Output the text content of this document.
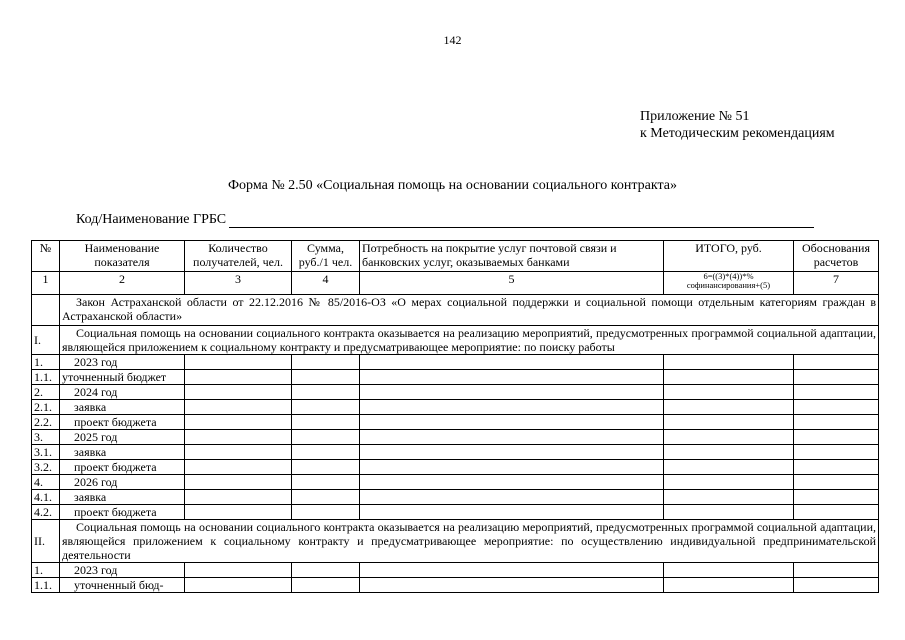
142
Приложение № 51
к Методическим рекомендациям
Форма № 2.50 «Социальная помощь на основании социального контракта»
Код/Наименование ГРБС
№	Наименование показателя	Количество получателей, чел.	Сумма, руб./1 чел.	Потребность на покрытие услуг почтовой связи и банковских услуг, оказываемых банками	ИТОГО, руб.	Обоснования расчетов
1	2	3	4	5	6=((3)*(4))*% софинансирования+(5)	7
	Закон Астраханской области от 22.12.2016 № 85/2016-ОЗ «О мерах социальной поддержки и социальной помощи отдельным категориям граждан в Астраханской области»					
I.	Социальная помощь на основании социального контракта оказывается на реализацию мероприятий, предусмотренных программой социальной адаптации, являющейся приложением к социальному контракту и предусматривающее мероприятие: по поиску работы					
1.	2023 год					
1.1.	уточненный бюджет					
2.	2024 год					
2.1.	заявка					
2.2.	проект бюджета					
3.	2025 год					
3.1.	заявка					
3.2.	проект бюджета					
4.	2026 год					
4.1.	заявка					
4.2.	проект бюджета					
II.	Социальная помощь на основании социального контракта оказывается на реализацию мероприятий, предусмотренных программой социальной адаптации, являющейся приложением к социальному контракту и предусматривающее мероприятие: по осуществлению индивидуальной предпринимательской деятельности					
1.	2023 год					
1.1.	уточненный бюд-					
